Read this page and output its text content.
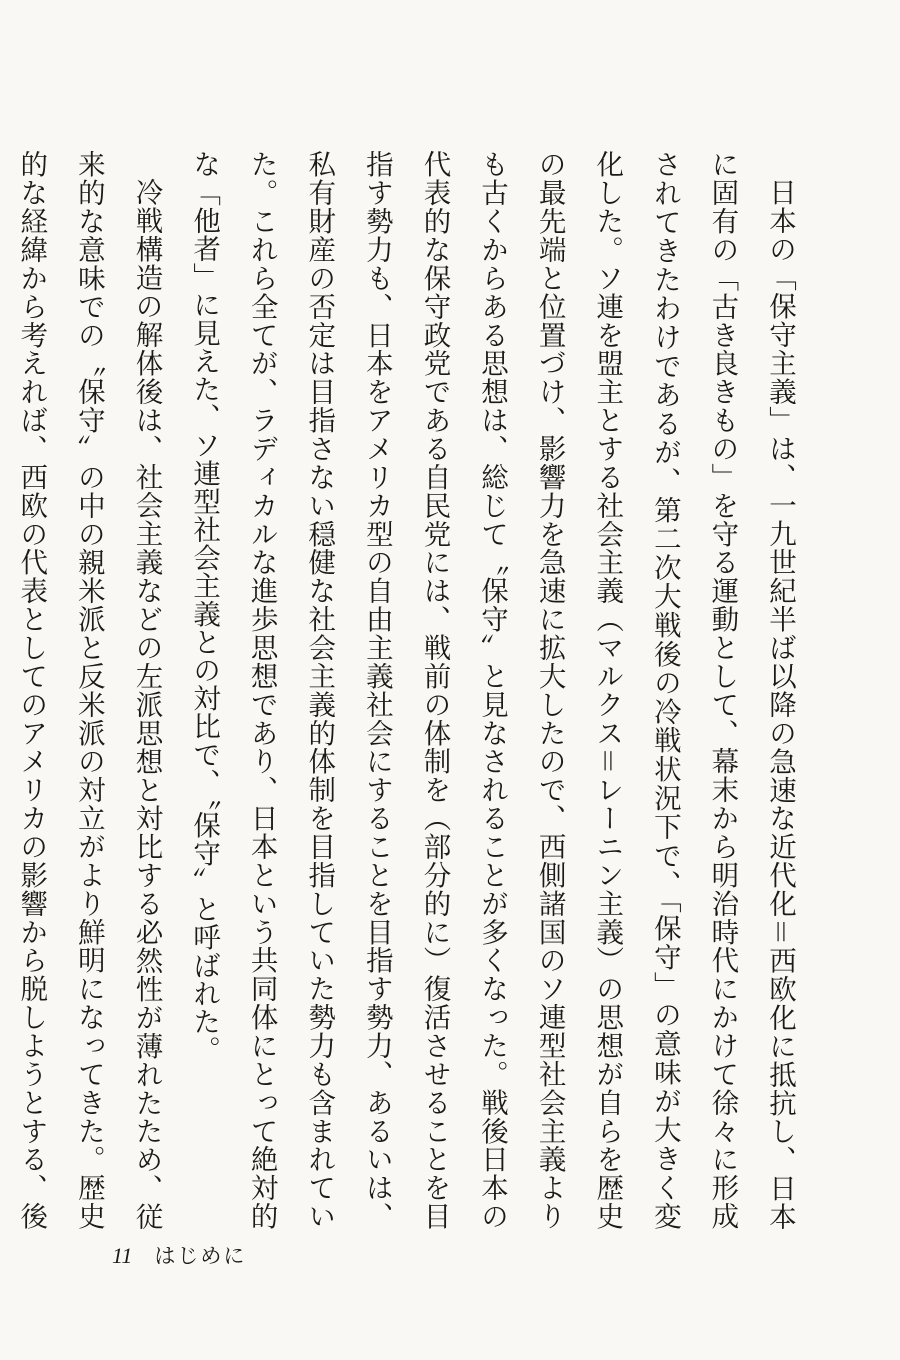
日本の「保守主義」は、一九世紀半ば以降の急速な近代化＝西欧化に抵抗し、日本に固有の「古き良きもの」を守る運動として、幕末から明治時代にかけて徐々に形成されてきたわけであるが、第二次大戦後の冷戦状況下で、「保守」の意味が大きく変化した。ソ連を盟主とする社会主義（マルクス＝レーニン主義）の思想が自らを歴史の最先端と位置づけ、影響力を急速に拡大したので、西側諸国のソ連型社会主義よりも古くからある思想は、総じて〝保守〟と見なされることが多くなった。戦後日本の代表的な保守政党である自民党には、戦前の体制を（部分的に）復活させることを目指す勢力も、日本をアメリカ型の自由主義社会にすることを目指す勢力、あるいは、私有財産の否定は目指さない穏健な社会主義的体制を目指していた勢力も含まれていた。これら全てが、ラディカルな進歩思想であり、日本という共同体にとって絶対的な「他者」に見えた、ソ連型社会主義との対比で、〝保守〟と呼ばれた。

冷戦構造の解体後は、社会主義などの左派思想と対比する必然性が薄れたため、従来的な意味での〝保守〟の中の親米派と反米派の対立がより鮮明になってきた。歴史的な経緯から考えれば、西欧の代表としてのアメリカの影響から脱しようとする、後

11 はじめに
